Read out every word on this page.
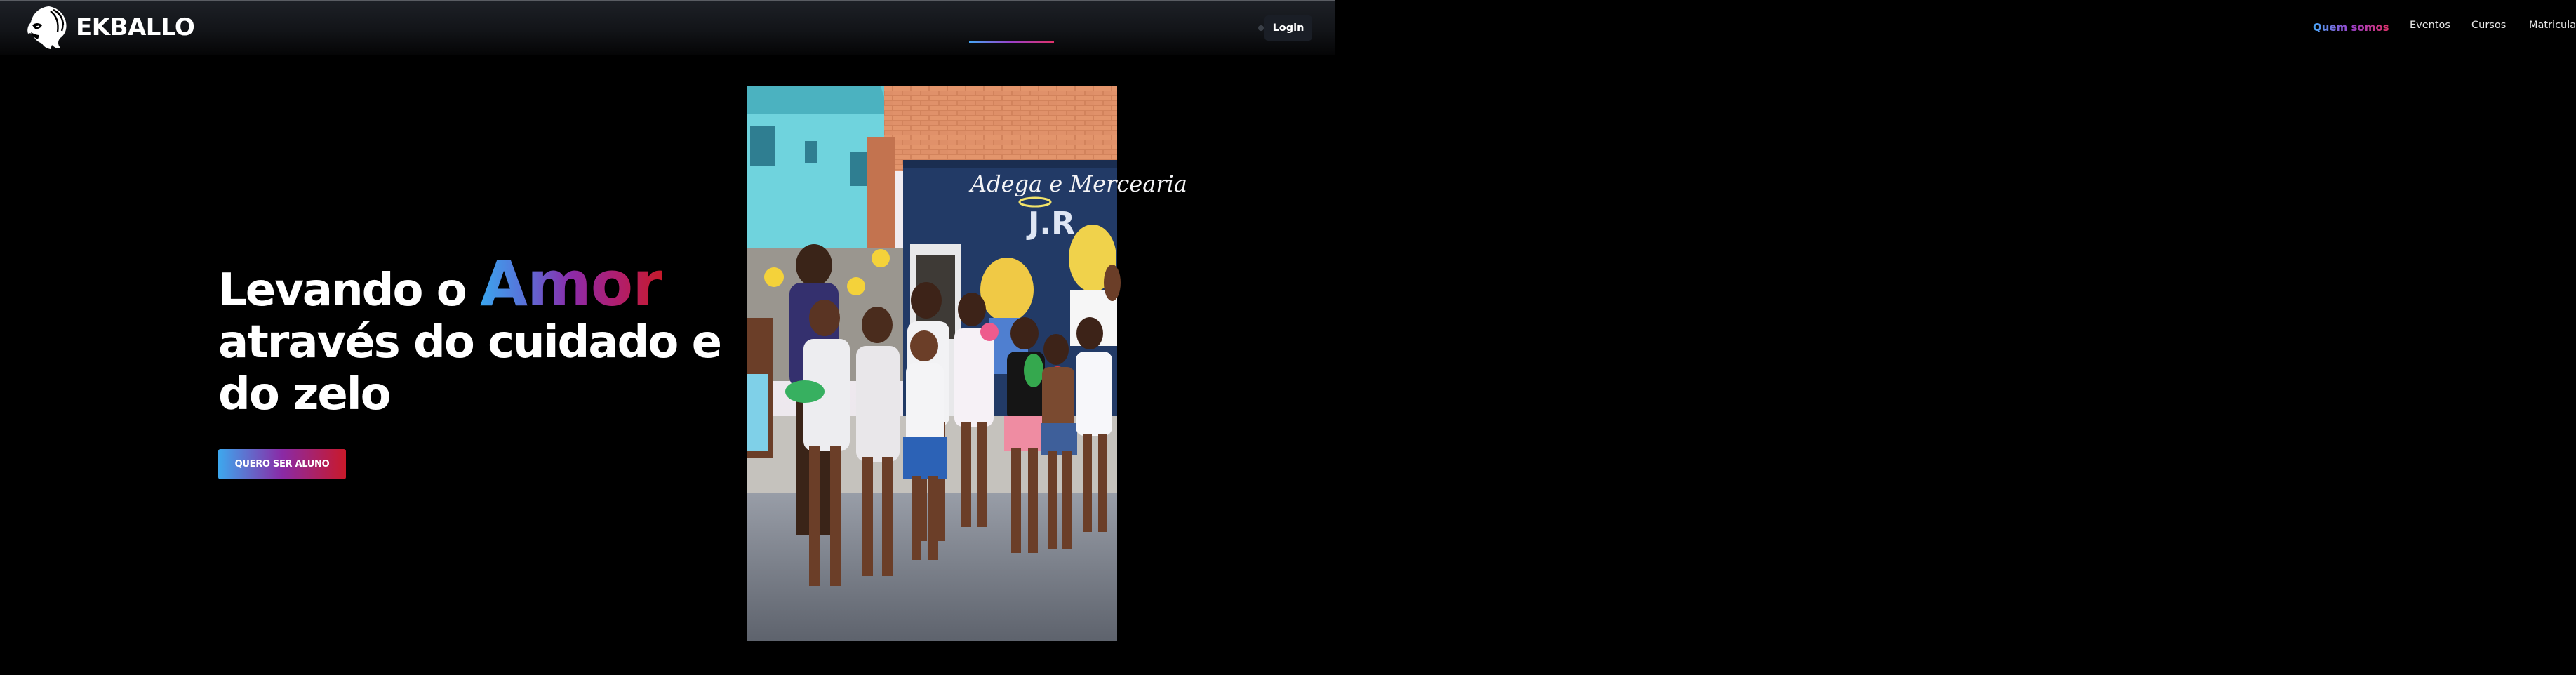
EKBALLO	Quem somos Eventos Cursos Matricula
Login
Levando o Amor
através do cuidado e
do zelo
QUERO SER ALUNO
Adega e Mercearia
J.R
